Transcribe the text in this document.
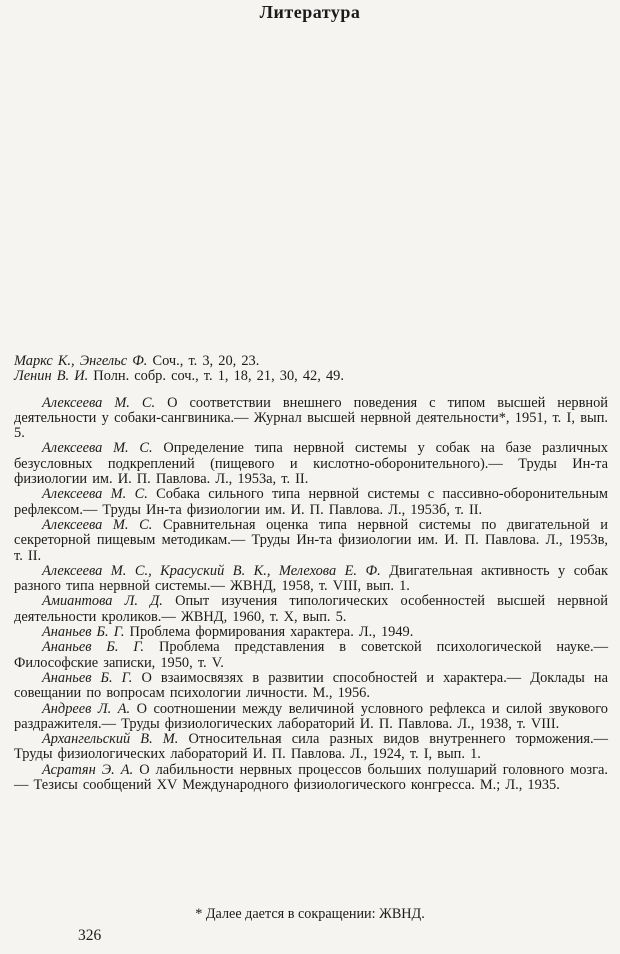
Литература

Маркс К., Энгельс Ф. Соч., т. 3, 20, 23.

Ленин В. И. Полн. собр. соч., т. 1, 18, 21, 30, 42, 49.

Алексеева М. С. О соответствии внешнего поведения с типом высшей нервной деятельности у собаки-сангвиника.— Журнал высшей нервной деятельности*, 1951, т. I, вып. 5.

Алексеева М. С. Определение типа нервной системы у собак на базе различных безусловных подкреплений (пищевого и кислотно-оборонительного).— Труды Ин-та физиологии им. И. П. Павлова. Л., 1953а, т. II.

Алексеева М. С. Собака сильного типа нервной системы с пассивно-оборонительным рефлексом.— Труды Ин-та физиологии им. И. П. Павлова. Л., 1953б, т. II.

Алексеева М. С. Сравнительная оценка типа нервной системы по двигательной и секреторной пищевым методикам.— Труды Ин-та физиологии им. И. П. Павлова. Л., 1953в, т. II.

Алексеева М. С., Красуский В. К., Мелехова Е. Ф. Двигательная активность у собак разного типа нервной системы.— ЖВНД, 1958, т. VIII, вып. 1.

Амиантова Л. Д. Опыт изучения типологических особенностей высшей нервной деятельности кроликов.— ЖВНД, 1960, т. X, вып. 5.

Ананьев Б. Г. Проблема формирования характера. Л., 1949.

Ананьев Б. Г. Проблема представления в советской психологической науке.— Философские записки, 1950, т. V.

Ананьев Б. Г. О взаимосвязях в развитии способностей и характера.— Доклады на совещании по вопросам психологии личности. М., 1956.

Андреев Л. А. О соотношении между величиной условного рефлекса и силой звукового раздражителя.— Труды физиологических лабораторий И. П. Павлова. Л., 1938, т. VIII.

Архангельский В. М. Относительная сила разных видов внутреннего торможения.— Труды физиологических лабораторий И. П. Павлова. Л., 1924, т. I, вып. 1.

Асратян Э. А. О лабильности нервных процессов больших полушарий головного мозга.— Тезисы сообщений XV Международного физиологического конгресса. М.; Л., 1935.

* Далее дается в сокращении: ЖВНД.

326
